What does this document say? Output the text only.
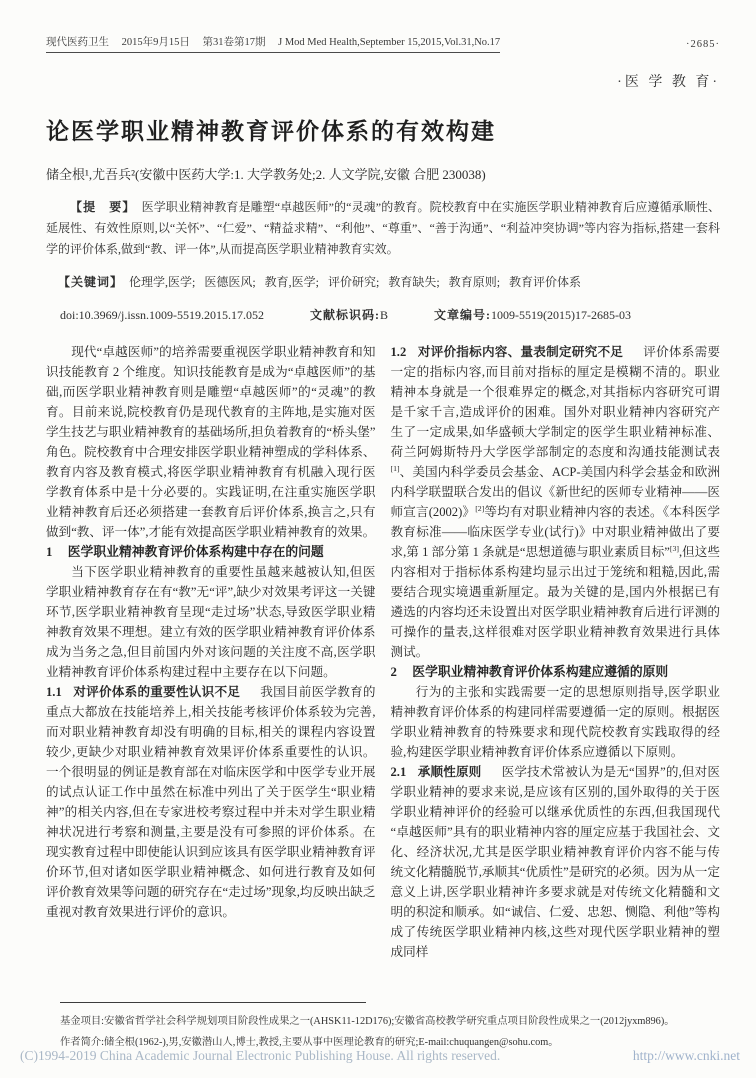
现代医药卫生 2015年9月15日 第31卷第17期 J Mod Med Health,September 15,2015,Vol.31,No.17	·2685·
·医 学 教 育·
论医学职业精神教育评价体系的有效构建
储全根¹,尤吾兵²(安徽中医药大学:1. 大学教务处;2. 人文学院,安徽 合肥 230038)

【提　要】　医学职业精神教育是雕塑“卓越医师”的“灵魂”的教育。院校教育中在实施医学职业精神教育后应遵循承顺性、延展性、有效性原则,以“关怀”、“仁爱”、“精益求精”、“利他”、“尊重”、“善于沟通”、“利益冲突协调”等内容为指标,搭建一套科学的评价体系,做到“教、评一体”,从而提高医学职业精神教育实效。

【关键词】  伦理学,医学;   医德医风;   教育,医学;   评价研究;   教育缺失;   教育原则;   教育评价体系

doi:10.3969/j.issn.1009-5519.2015.17.052	文献标识码:B	文章编号:1009-5519(2015)17-2685-03

现代“卓越医师”的培养需要重视医学职业精神教育和知识技能教育 2 个维度。知识技能教育是成为“卓越医师”的基础,而医学职业精神教育则是雕塑“卓越医师”的“灵魂”的教育。目前来说,院校教育仍是现代教育的主阵地,是实施对医学生技艺与职业精神教育的基础场所,担负着教育的“桥头堡”角色。院校教育中合理安排医学职业精神塑成的学科体系、教育内容及教育模式,将医学职业精神教育有机融入现行医学教育体系中是十分必要的。实践证明,在注重实施医学职业精神教育后还必须搭建一套教育后评价体系,换言之,只有做到“教、评一体”,才能有效提高医学职业精神教育的效果。

1 医学职业精神教育评价体系构建中存在的问题

当下医学职业精神教育的重要性虽越来越被认知,但医学职业精神教育存在有“教”无“评”,缺少对效果考评这一关键环节,医学职业精神教育呈现“走过场”状态,导致医学职业精神教育效果不理想。建立有效的医学职业精神教育评价体系成为当务之急,但目前国内外对该问题的关注度不高,医学职业精神教育评价体系构建过程中主要存在以下问题。

1.1 对评价体系的重要性认识不足 我国目前医学教育的重点大都放在技能培养上,相关技能考核评价体系较为完善,而对职业精神教育却没有明确的目标,相关的课程内容设置较少,更缺少对职业精神教育效果评价体系重要性的认识。一个很明显的例证是教育部在对临床医学和中医学专业开展的试点认证工作中虽然在标准中列出了关于医学生“职业精神”的相关内容,但在专家进校考察过程中并未对学生职业精神状况进行考察和测量,主要是没有可参照的评价体系。在现实教育过程中即使能认识到应该具有医学职业精神教育评价环节,但对诸如医学职业精神概念、如何进行教育及如何评价教育效果等问题的研究存在“走过场”现象,均反映出缺乏重视对教育效果进行评价的意识。

1.2 对评价指标内容、量表制定研究不足 评价体系需要一定的指标内容,而目前对指标的厘定是模糊不清的。职业精神本身就是一个很难界定的概念,对其指标内容研究可谓是千家千言,造成评价的困难。国外对职业精神内容研究产生了一定成果,如华盛顿大学制定的医学生职业精神标准、荷兰阿姆斯特丹大学医学部制定的态度和沟通技能测试表[1]、美国内科学委员会基金、ACP-美国内科学会基金和欧洲内科学联盟联合发出的倡议《新世纪的医师专业精神——医师宣言(2002)》[2]等均有对职业精神内容的表述。《本科医学教育标准——临床医学专业(试行)》中对职业精神做出了要求,第 1 部分第 1 条就是“思想道德与职业素质目标”[3],但这些内容相对于指标体系构建均显示出过于笼统和粗糙,因此,需要结合现实境遇重新厘定。最为关键的是,国内外根据已有遴选的内容均还未设置出对医学职业精神教育后进行评测的可操作的量表,这样很难对医学职业精神教育效果进行具体测试。

2 医学职业精神教育评价体系构建应遵循的原则

行为的主张和实践需要一定的思想原则指导,医学职业精神教育评价体系的构建同样需要遵循一定的原则。根据医学职业精神教育的特殊要求和现代院校教育实践取得的经验,构建医学职业精神教育评价体系应遵循以下原则。

2.1 承顺性原则 医学技术常被认为是无“国界”的,但对医学职业精神的要求来说,是应该有区别的,国外取得的关于医学职业精神评价的经验可以继承优质性的东西,但我国现代“卓越医师”具有的职业精神内容的厘定应基于我国社会、文化、经济状况,尤其是医学职业精神教育评价内容不能与传统文化精髓脱节,承顺其“优质性”是研究的必须。因为从一定意义上讲,医学职业精神许多要求就是对传统文化精髓和文明的积淀和顺承。如“诚信、仁爱、忠恕、恻隐、利他”等构成了传统医学职业精神内核,这些对现代医学职业精神的塑成同样

基金项目:安徽省哲学社会科学规划项目阶段性成果之一(AHSK11-12D176);安徽省高校教学研究重点项目阶段性成果之一(2012jyxm896)。
作者简介:储全根(1962-),男,安徽潜山人,博士,教授,主要从事中医理论教育的研究;E-mail:chuquangen@sohu.com。
(C)1994-2019 China Academic Journal Electronic Publishing House. All rights reserved.	http://www.cnki.net
